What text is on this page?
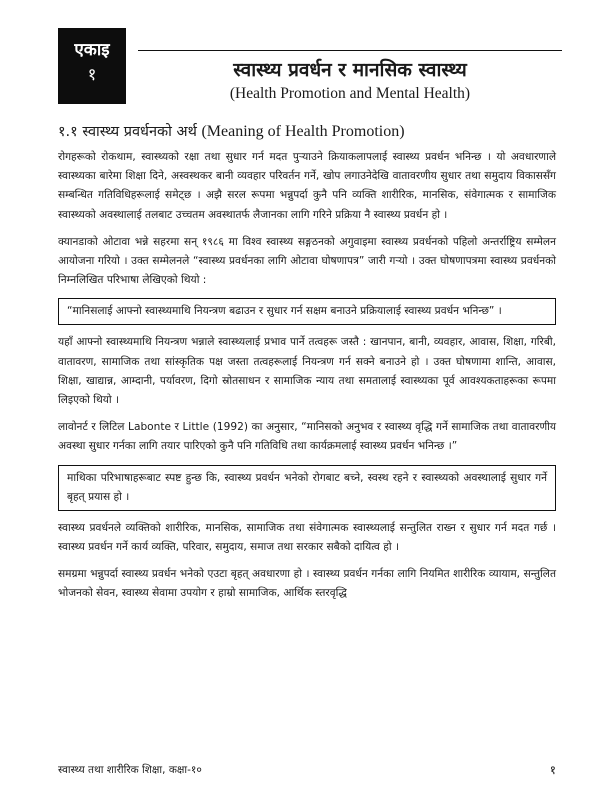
एकाइ
१	स्वास्थ्य प्रवर्धन र मानसिक स्वास्थ्य
(Health Promotion and Mental Health)
१.१ स्वास्थ्य प्रवर्धनको अर्थ (Meaning of Health Promotion)

रोगहरूको रोकथाम, स्वास्थ्यको रक्षा तथा सुधार गर्न मदत पुऱ्याउने क्रियाकलापलाई स्वास्थ्य प्रवर्धन भनिन्छ । यो अवधारणाले स्वास्थ्यका बारेमा शिक्षा दिने, अस्वस्थकर बानी व्यवहार परिवर्तन गर्ने, खोप लगाउनेदेखि वातावरणीय सुधार तथा समुदाय विकाससँग सम्बन्धित गतिविधिहरूलाई समेट्छ । अझै सरल रूपमा भन्नुपर्दा कुनै पनि व्यक्ति शारीरिक, मानसिक, संवेगात्मक र सामाजिक स्वास्थ्यको अवस्थालाई तलबाट उच्चतम अवस्थातर्फ लैजानका लागि गरिने प्रक्रिया नै स्वास्थ्य प्रवर्धन हो ।

क्यानडाको ओटावा भन्ने सहरमा सन् १९८६ मा विश्व स्वास्थ्य सङ्गठनको अगुवाइमा स्वास्थ्य प्रवर्धनको पहिलो अन्तर्राष्ट्रिय सम्मेलन आयोजना गरियो । उक्त सम्मेलनले “स्वास्थ्य प्रवर्धनका लागि ओटावा घोषणापत्र” जारी गऱ्यो । उक्त घोषणापत्रमा स्वास्थ्य प्रवर्धनको निम्नलिखित परिभाषा लेखिएको थियो :

“मानिसलाई आफ्नो स्वास्थ्यमाथि नियन्त्रण बढाउन र सुधार गर्न सक्षम बनाउने प्रक्रियालाई स्वास्थ्य प्रवर्धन भनिन्छ” ।

यहाँ आफ्नो स्वास्थ्यमाथि नियन्त्रण भन्नाले स्वास्थ्यलाई प्रभाव पार्ने तत्वहरू जस्तै : खानपान, बानी, व्यवहार, आवास, शिक्षा, गरिबी, वातावरण, सामाजिक तथा सांस्कृतिक पक्ष जस्ता तत्वहरूलाई नियन्त्रण गर्न सक्ने बनाउने हो । उक्त घोषणामा शान्ति, आवास, शिक्षा, खाद्यान्न, आम्दानी, पर्यावरण, दिगो स्रोतसाधन र सामाजिक न्याय तथा समतालाई स्वास्थ्यका पूर्व आवश्यकताहरूका रूपमा लिइएको थियो ।

लावोनर्ट र लिटिल Labonte र Little (1992) का अनुसार, “मानिसको अनुभव र स्वास्थ्य वृद्धि गर्ने सामाजिक तथा वातावरणीय अवस्था सुधार गर्नका लागि तयार पारिएको कुनै पनि गतिविधि तथा कार्यक्रमलाई स्वास्थ्य प्रवर्धन भनिन्छ ।”

माथिका परिभाषाहरूबाट स्पष्ट हुन्छ कि, स्वास्थ्य प्रवर्धन भनेको रोगबाट बच्ने, स्वस्थ रहने र स्वास्थ्यको अवस्थालाई सुधार गर्ने बृहत् प्रयास हो ।

स्वास्थ्य प्रवर्धनले व्यक्तिको शारीरिक, मानसिक, सामाजिक तथा संवेगात्मक स्वास्थ्यलाई सन्तुलित राख्न र सुधार गर्न मदत गर्छ । स्वास्थ्य प्रवर्धन गर्ने कार्य व्यक्ति, परिवार, समुदाय, समाज तथा सरकार सबैको दायित्व हो ।

समग्रमा भन्नुपर्दा स्वास्थ्य प्रवर्धन भनेको एउटा बृहत् अवधारणा हो । स्वास्थ्य प्रवर्धन गर्नका लागि नियमित शारीरिक व्यायाम, सन्तुलित भोजनको सेवन, स्वास्थ्य सेवामा उपयोग र हाम्रो सामाजिक, आर्थिक स्तरवृद्धि

स्वास्थ्य तथा शारीरिक शिक्षा, कक्षा-१०	१
